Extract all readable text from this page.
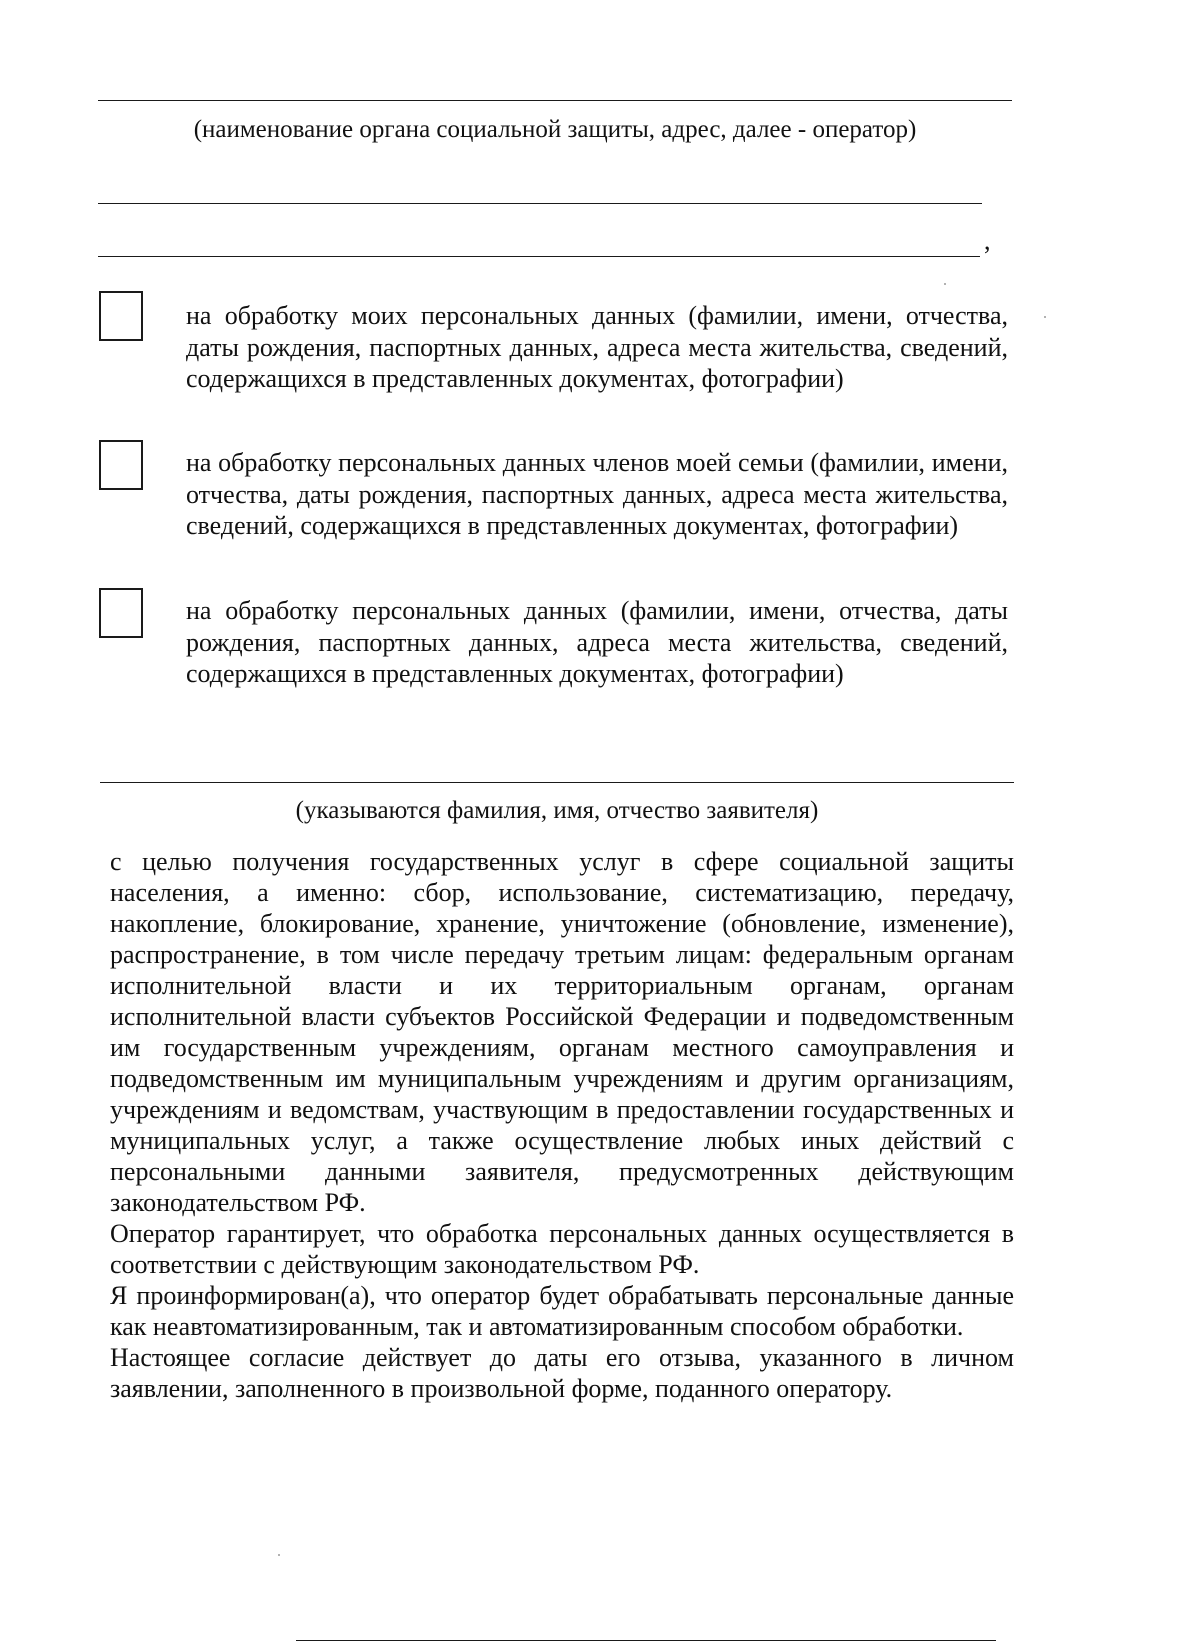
(наименование органа социальной защиты, адрес, далее - оператор)
,
на обработку моих персональных данных (фамилии, имени, отчества, даты рождения, паспортных данных, адреса места жительства, сведений, содержащихся в представленных документах, фотографии)
на обработку персональных данных членов моей семьи (фамилии, имени, отчества, даты рождения, паспортных данных, адреса места жительства, сведений, содержащихся в представленных документах, фотографии)
на обработку персональных данных (фамилии, имени, отчества, даты рождения, паспортных данных, адреса места жительства, сведений, содержащихся в представленных документах, фотографии)
(указываются фамилия, имя, отчество заявителя)

с целью получения государственных услуг в сфере социальной защиты населения, а именно: сбор, использование, систематизацию, передачу, накопление, блокирование, хранение, уничтожение (обновление, изменение), распространение, в том числе передачу третьим лицам: федеральным органам исполнительной власти и их территориальным органам, органам исполнительной власти субъектов Российской Федерации и подведомственным им государственным учреждениям, органам местного самоуправления и подведомственным им муниципальным учреждениям и другим организациям, учреждениям и ведомствам, участвующим в предоставлении государственных и муниципальных услуг, а также осуществление любых иных действий с персональными данными заявителя, предусмотренных действующим законодательством РФ.

Оператор гарантирует, что обработка персональных данных осуществляется в соответствии с действующим законодательством РФ.

Я проинформирован(а), что оператор будет обрабатывать персональные данные как неавтоматизированным, так и автоматизированным способом обработки.

Настоящее согласие действует до даты его отзыва, указанного в личном заявлении, заполненного в произвольной форме, поданного оператору.
